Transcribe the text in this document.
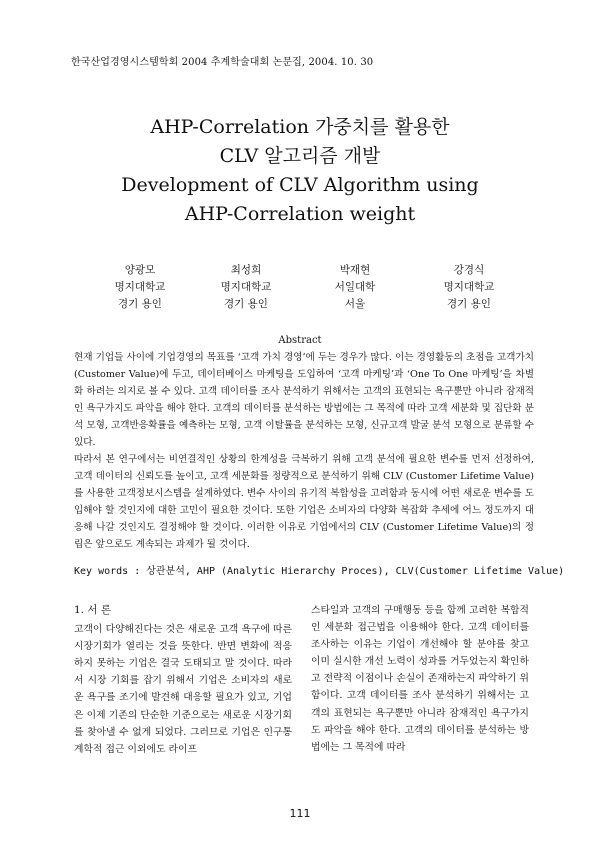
한국산업경영시스템학회 2004 추계학술대회 논문집, 2004. 10. 30
AHP-Correlation 가중치를 활용한
CLV 알고리즘 개발
Development of CLV Algorithm using
AHP-Correlation weight
양광모
명지대학교
경기 용인
최성희
명지대학교
경기 용인
박재현
서일대학
서울
강경식
명지대학교
경기 용인
Abstract

현재 기업들 사이에 기업경영의 목표를 ‘고객 가치 경영’에 두는 경우가 많다. 이는 경영활동의 초점을 고객가치(Customer Value)에 두고, 데이터베이스 마케팅을 도입하여 ‘고객 마케팅’과 ‘One To One 마케팅’을 차별화 하려는 의지로 볼 수 있다. 고객 데이터를 조사 분석하기 위해서는 고객의 표현되는 욕구뿐만 아니라 잠재적인 욕구가지도 파악을 해야 한다. 고객의 데이터를 분석하는 방법에는 그 목적에 따라 고객 세분화 및 집단화 분석 모형, 고객반응확률을 예측하는 모형, 고객 이탈률을 분석하는 모형, 신규고객 발굴 분석 모형으로 분류할 수 있다.

따라서 본 연구에서는 비연결적인 상황의 한계성을 극복하기 위해 고객 분석에 필요한 변수를 먼저 선정하여, 고객 데이터의 신뢰도를 높이고, 고객 세분화를 정량적으로 분석하기 위해 CLV (Customer Lifetime Value)를 사용한 고객정보시스템을 설계하였다. 변수 사이의 유기적 복합성을 고려함과 동시에 어떤 새로운 변수를 도입해야 할 것인지에 대한 고민이 필요한 것이다. 또한 기업은 소비자의 다양화 복잡화 추세에 어느 정도까지 대응해 나갈 것인지도 결정해야 할 것이다. 이러한 이유로 기업에서의 CLV (Customer Lifetime Value)의 정립은 앞으로도 계속되는 과제가 될 것이다.

Key words : 상관분석, AHP (Analytic Hierarchy Proces), CLV(Customer Lifetime Value)
1. 서 론

고객이 다양해진다는 것은 새로운 고객 욕구에 따른 시장기회가 열리는 것을 뜻한다. 반면 변화에 적응하지 못하는 기업은 결국 도태되고 말 것이다. 따라서 시장 기회를 잡기 위해서 기업은 소비자의 새로운 욕구를 조기에 발견해 대응할 필요가 있고, 기업은 이제 기존의 단순한 기준으로는 새로운 시장기회를 찾아낼 수 없게 되었다. 그러므로 기업은 인구통계학적 접근 이외에도 라이프

스타일과 고객의 구매행동 등을 함께 고려한 복합적인 세분화 접근법을 이용해야 한다. 고객 데이터를 조사하는 이유는 기업이 개선해야 할 분야를 찾고 이미 실시한 개선 노력이 성과를 거두었는지 확인하고 전략적 이점이나 손실이 존재하는지 파악하기 위함이다. 고객 데이터를 조사 분석하기 위해서는 고객의 표현되는 욕구뿐만 아니라 잠재적인 욕구가지도 파악을 해야 한다. 고객의 데이터를 분석하는 방법에는 그 목적에 따라

111
